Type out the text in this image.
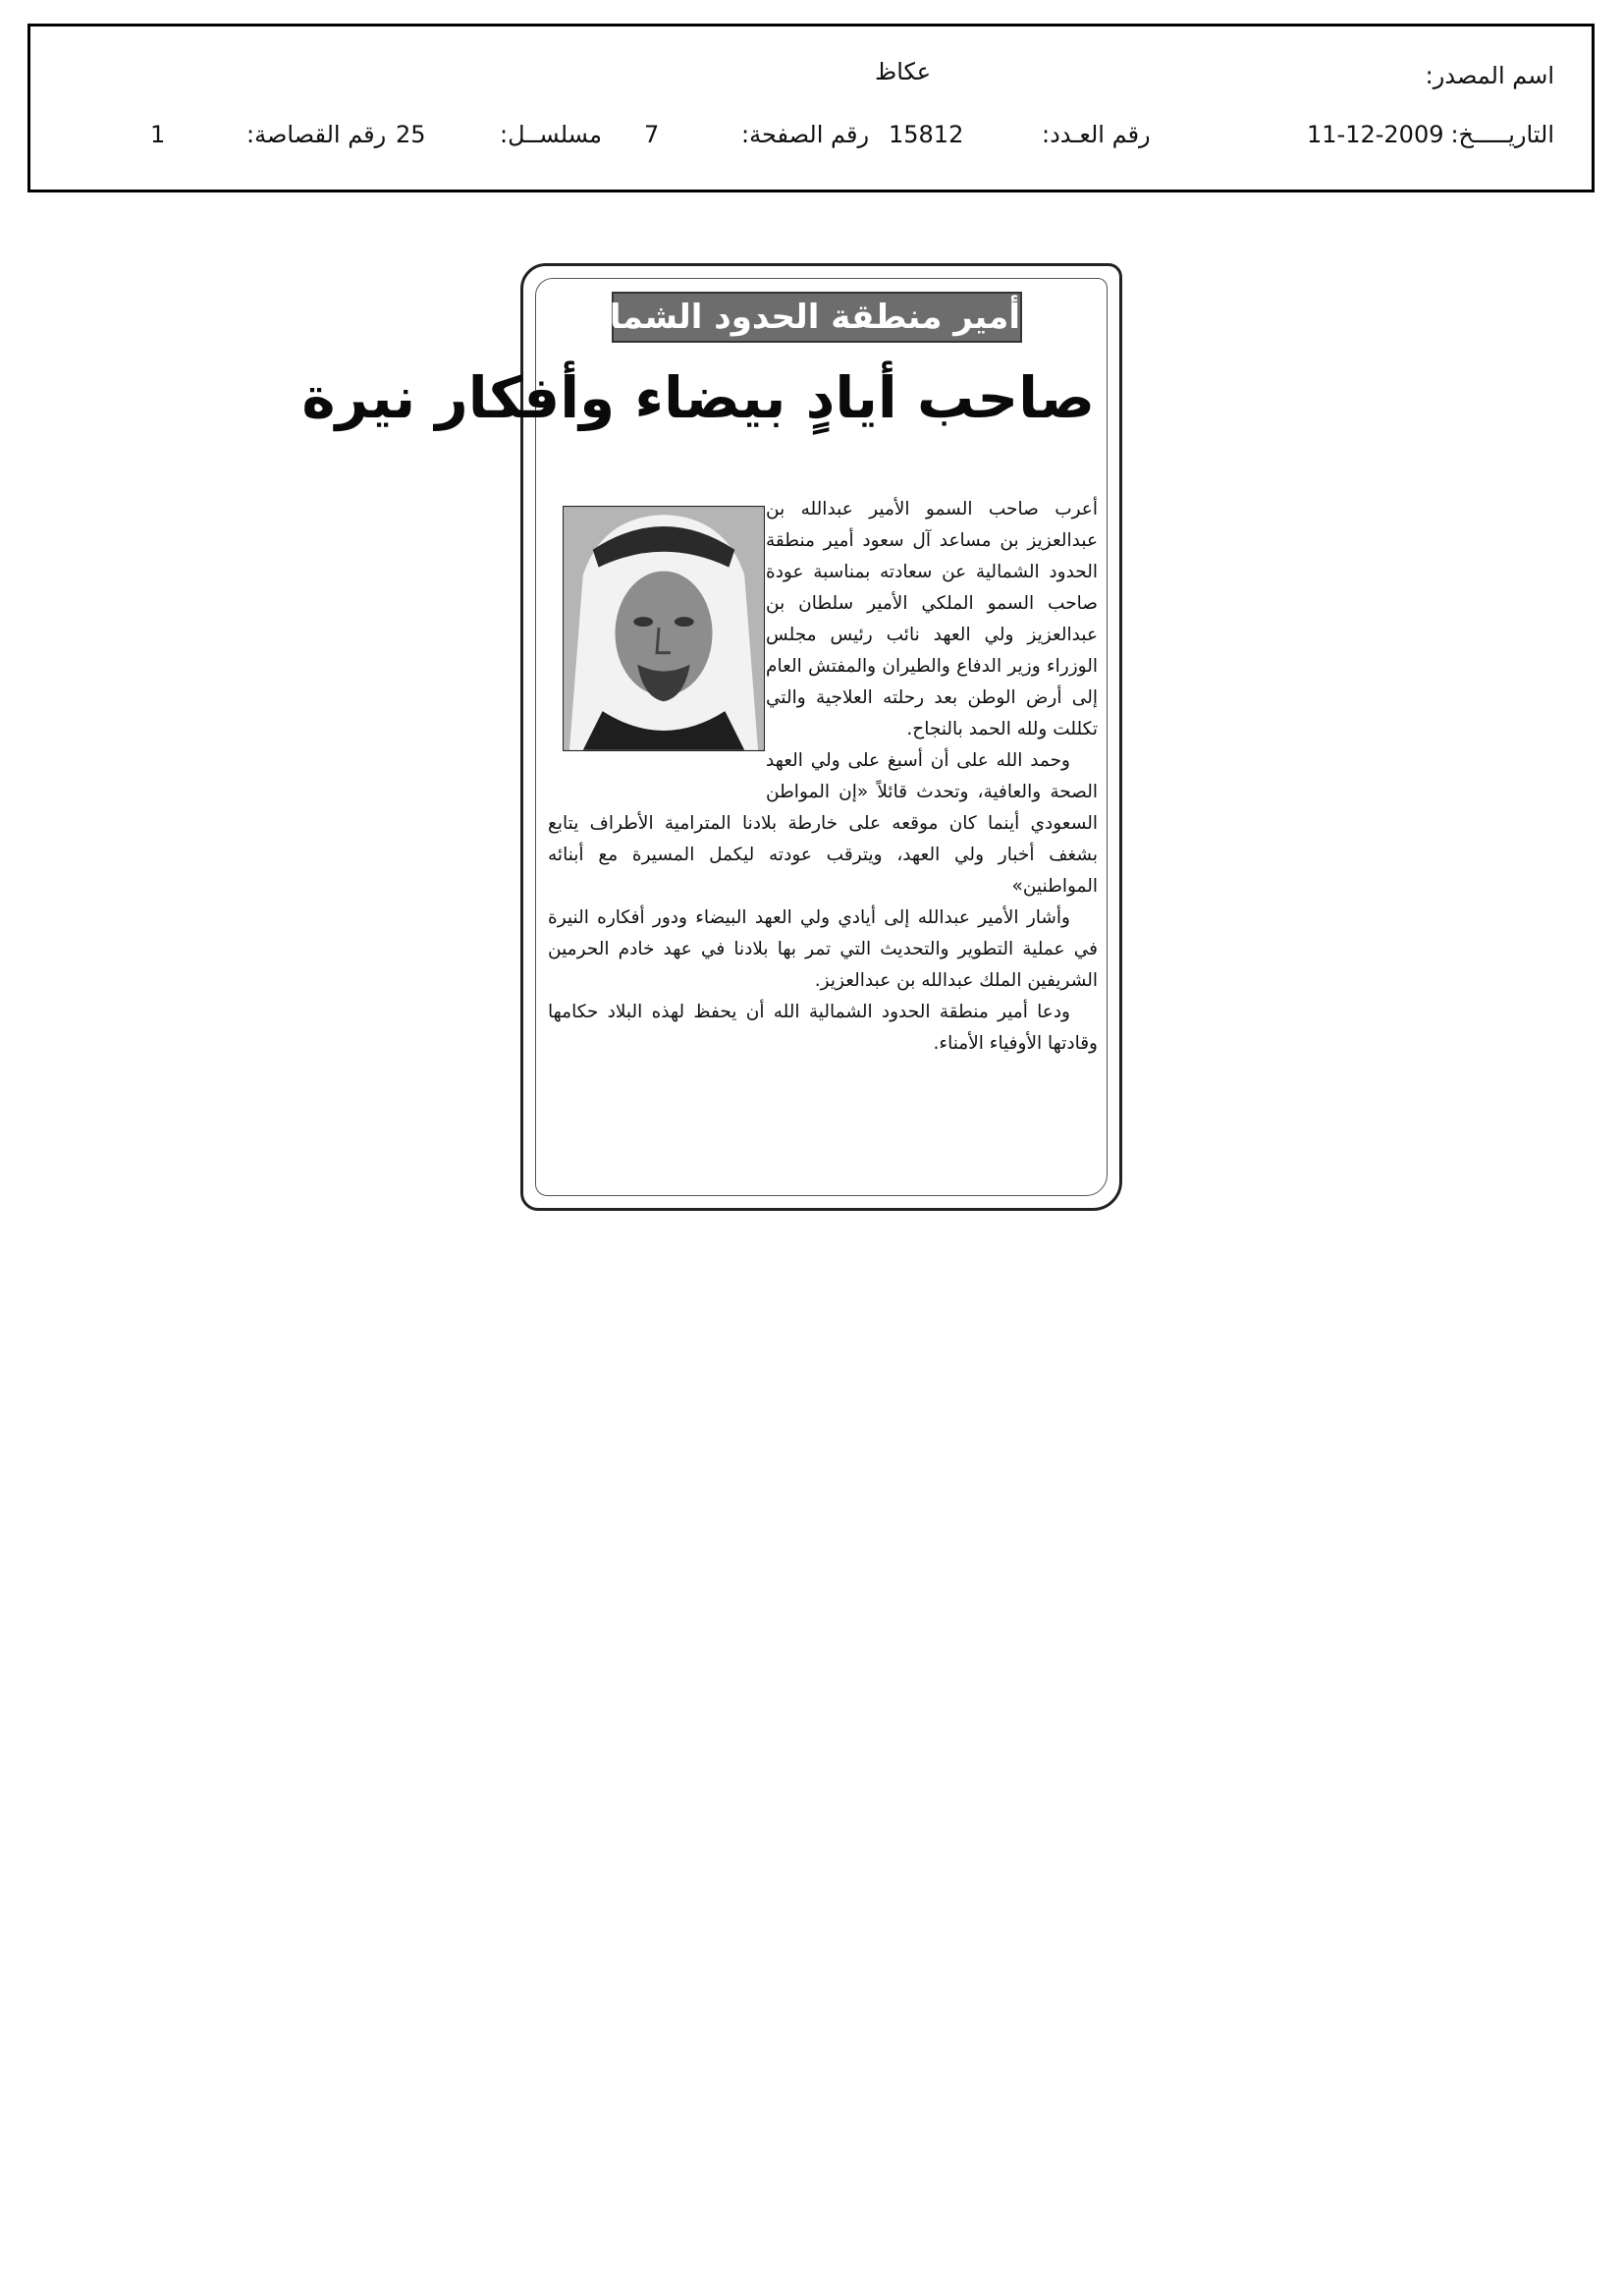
اسم المصدر:
عكاظ
التاريـــــخ:
11-12-2009
رقم العـدد:
15812
رقم الصفحة:
7
مسلســل:
25
رقم القصاصة:
1
أمير منطقة الحدود الشمالية:
صاحب أيادٍ بيضاء وأفكار نيرة

أعرب صاحب السمو الأمير عبدالله بن عبدالعزيز بن مساعد آل سعود أمير منطقة الحدود الشمالية عن سعادته بمناسبة عودة صاحب السمو الملكي الأمير سلطان بن عبدالعزيز ولي العهد نائب رئيس مجلس الوزراء وزير الدفاع والطيران والمفتش العام إلى أرض الوطن بعد رحلته العلاجية والتي تكللت ولله الحمد بالنجاح.

وحمد الله على أن أسبغ على ولي العهد الصحة والعافية، وتحدث قائلاً «إن المواطن السعودي أينما كان موقعه على خارطة بلادنا المترامية الأطراف يتابع بشغف أخبار ولي العهد، ويترقب عودته ليكمل المسيرة مع أبنائه المواطنين»

وأشار الأمير عبدالله إلى أيادي ولي العهد البيضاء ودور أفكاره النيرة في عملية التطوير والتحديث التي تمر بها بلادنا في عهد خادم الحرمين الشريفين الملك عبدالله بن عبدالعزيز.

ودعا أمير منطقة الحدود الشمالية الله أن يحفظ لهذه البلاد حكامها وقادتها الأوفياء الأمناء.
